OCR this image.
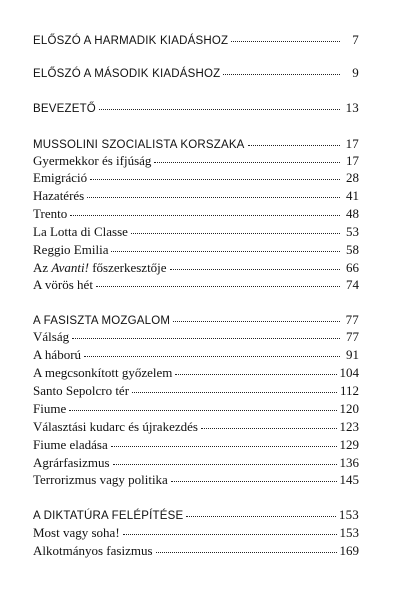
ELŐSZÓ A HARMADIK KIADÁSHOZ	7
ELŐSZÓ A MÁSODIK KIADÁSHOZ	9
BEVEZETŐ	13
MUSSOLINI SZOCIALISTA KORSZAKA	17
Gyermekkor és ifjúság	17
Emigráció	28
Hazatérés	41
Trento	48
La Lotta di Classe	53
Reggio Emilia	58
Az Avanti! főszerkesztője	66
A vörös hét	74
A FASISZTA MOZGALOM	77
Válság	77
A háború	91
A megcsonkított győzelem	104
Santo Sepolcro tér	112
Fiume	120
Választási kudarc és újrakezdés	123
Fiume eladása	129
Agrárfasizmus	136
Terrorizmus vagy politika	145
A DIKTATÚRA FELÉPÍTÉSE	153
Most vagy soha!	153
Alkotmányos fasizmus	169
